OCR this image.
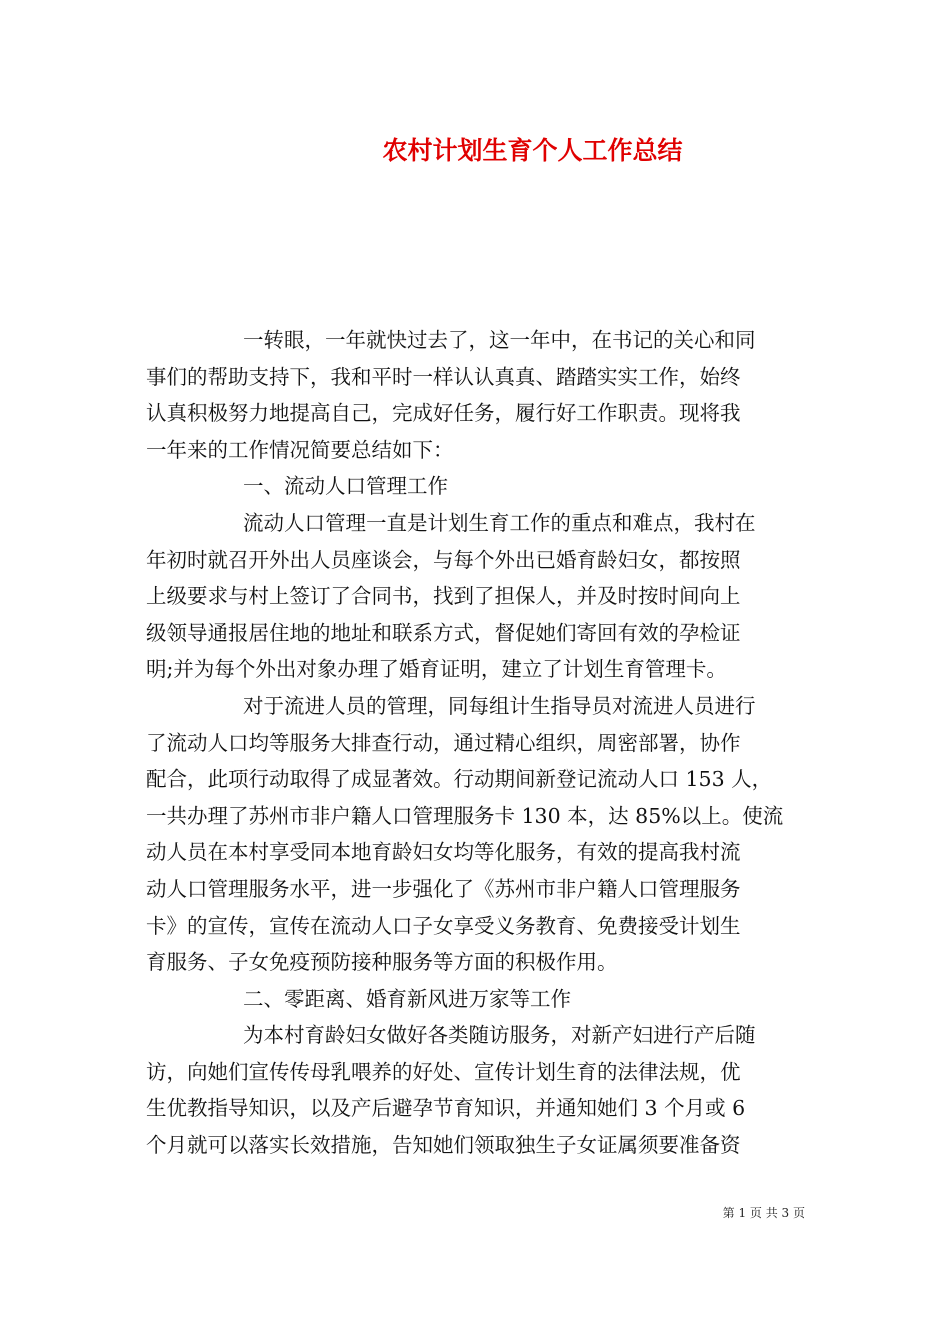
农村计划生育个人工作总结
一转眼，一年就快过去了，这一年中，在书记的关心和同
事们的帮助支持下，我和平时一样认认真真、踏踏实实工作，始终
认真积极努力地提高自己，完成好任务，履行好工作职责。现将我
一年来的工作情况简要总结如下：
一、流动人口管理工作
流动人口管理一直是计划生育工作的重点和难点，我村在
年初时就召开外出人员座谈会，与每个外出已婚育龄妇女，都按照
上级要求与村上签订了合同书，找到了担保人，并及时按时间向上
级领导通报居住地的地址和联系方式，督促她们寄回有效的孕检证
明;并为每个外出对象办理了婚育证明，建立了计划生育管理卡。
对于流进人员的管理，同每组计生指导员对流进人员进行
了流动人口均等服务大排查行动，通过精心组织，周密部署，协作
配合，此项行动取得了成显著效。行动期间新登记流动人口 153 人，
一共办理了苏州市非户籍人口管理服务卡 130 本，达 85%以上。使流
动人员在本村享受同本地育龄妇女均等化服务，有效的提高我村流
动人口管理服务水平，进一步强化了《苏州市非户籍人口管理服务
卡》的宣传，宣传在流动人口子女享受义务教育、免费接受计划生
育服务、子女免疫预防接种服务等方面的积极作用。
二、零距离、婚育新风进万家等工作
为本村育龄妇女做好各类随访服务，对新产妇进行产后随
访，向她们宣传传母乳喂养的好处、宣传计划生育的法律法规，优
生优教指导知识，以及产后避孕节育知识，并通知她们 3 个月或 6
个月就可以落实长效措施，告知她们领取独生子女证属须要准备资
第 1 页 共 3 页
